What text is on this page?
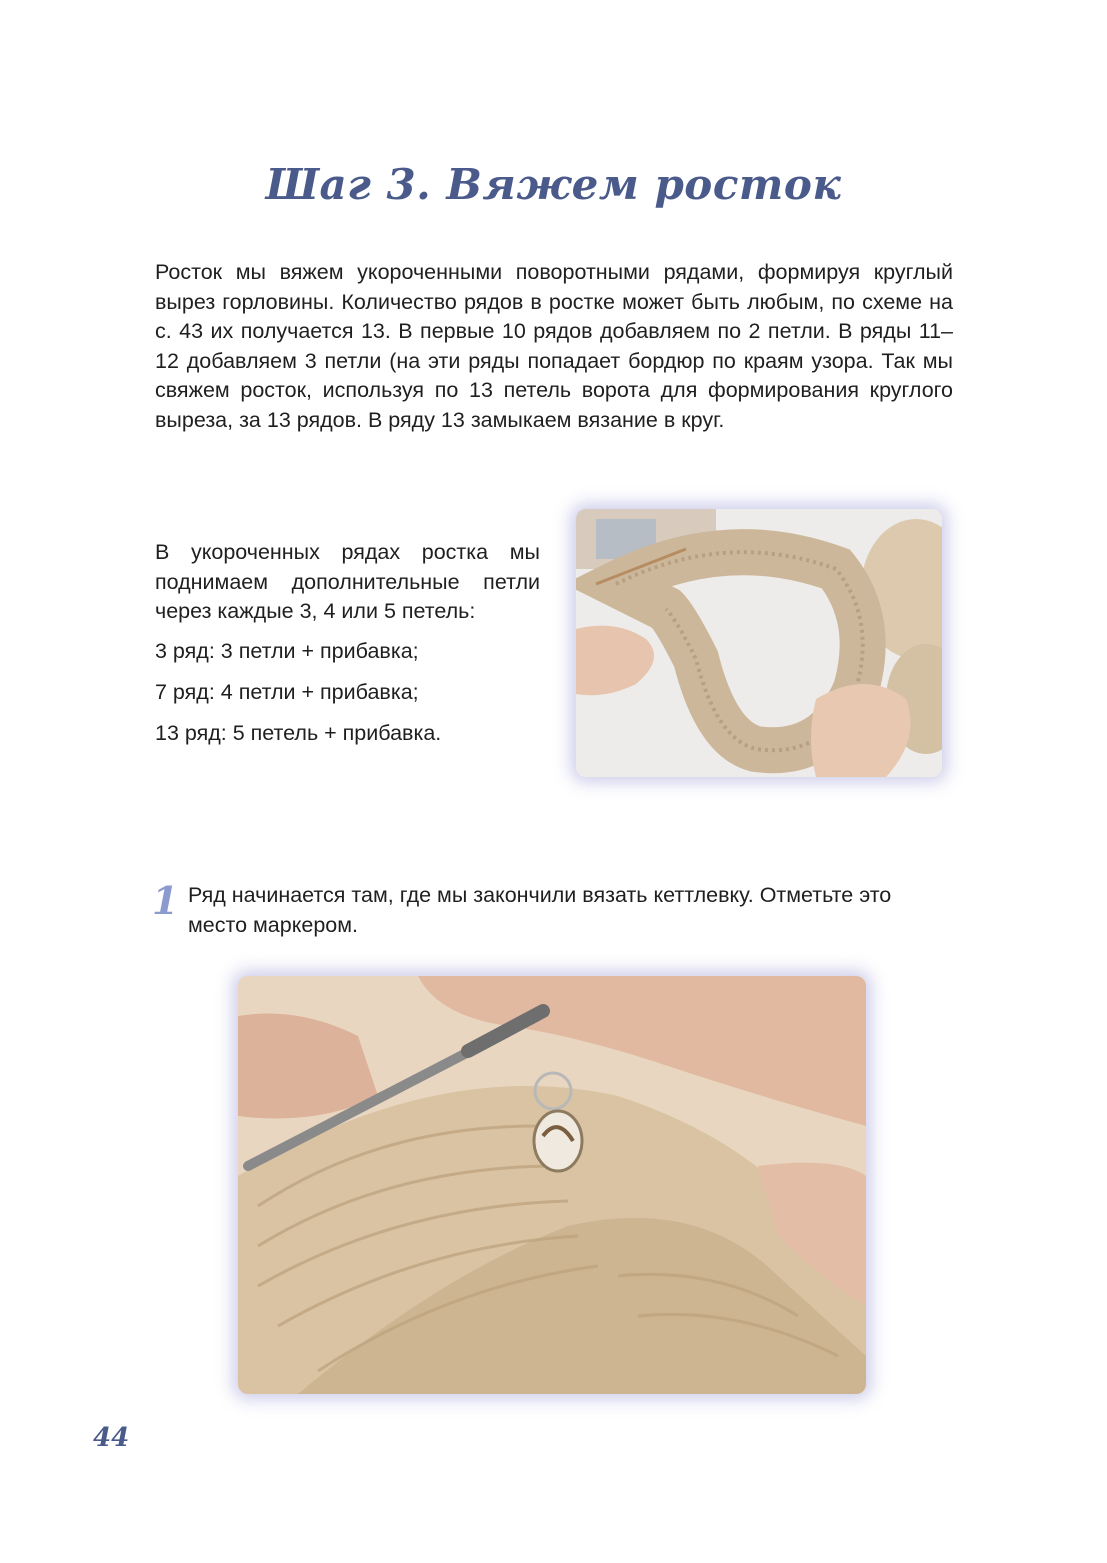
Шаг 3. Вяжем росток

Росток мы вяжем укороченными поворотными рядами, формируя круглый вырез горловины. Количество рядов в ростке может быть любым, по схеме на с. 43 их получается 13. В первые 10 рядов добавляем по 2 петли. В ряды 11–12 добавляем 3 петли (на эти ряды попадает бордюр по краям узора. Так мы свяжем росток, используя по 13 петель ворота для формирования круглого выреза, за 13 рядов. В ряду 13 замыкаем вязание в круг.

В укороченных рядах ростка мы поднимаем дополнительные петли через каждые 3, 4 или 5 петель:

3 ряд: 3 петли + прибавка;
7 ряд: 4 петли + прибавка;
13 ряд: 5 петель + прибавка.
1 Ряд начинается там, где мы закончили вязать кеттлевку. Отметьте это место маркером.

44
